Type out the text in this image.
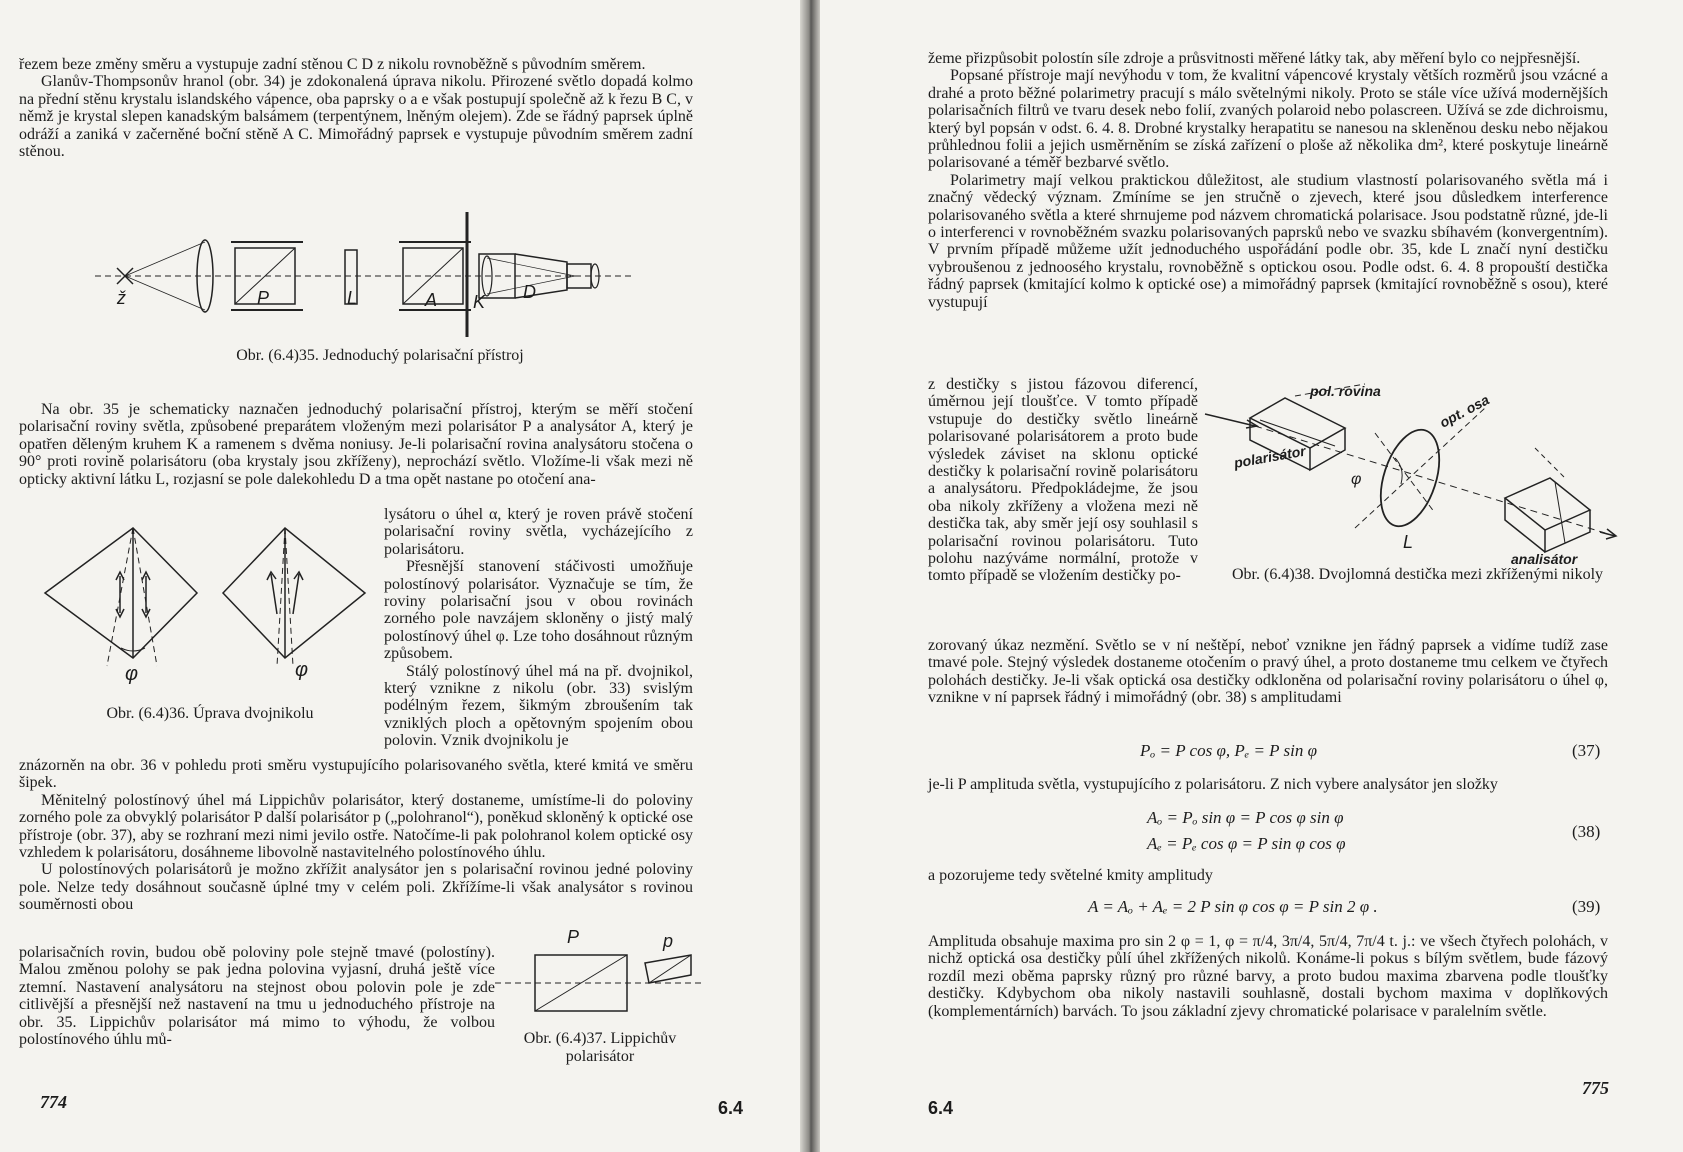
řezem beze změny směru a vystupuje zadní stěnou C D z nikolu rovnoběžně s původním směrem.

Glanův-Thompsonův hranol (obr. 34) je zdokonalená úprava nikolu. Přirozené světlo dopadá kolmo na přední stěnu krystalu islandského vápence, oba paprsky o a e však postupují společně až k řezu B C, v němž je krystal slepen kanadským balsámem (terpentýnem, lněným olejem). Zde se řádný paprsek úplně odráží a zaniká v začerněné boční stěně A C. Mimořádný paprsek e vystupuje původním směrem zadní stěnou.

ž	P	L	A K D
Obr. (6.4)35. Jednoduchý polarisační přístroj
Na obr. 35 je schematicky naznačen jednoduchý polarisační přístroj, kterým se měří stočení polarisační roviny světla, způsobené preparátem vloženým mezi polarisátor P a analysátor A, který je opatřen děleným kruhem K a ramenem s dvěma noniusy. Je-li polarisační rovina analysátoru stočena o 90° proti rovině polarisátoru (oba krystaly jsou zkříženy), neprochází světlo. Vložíme-li však mezi ně opticky aktivní látku L, rozjasní se pole dalekohledu D a tma opět nastane po otočení ana-

lysátoru o úhel α, který je roven právě stočení polarisační roviny světla, vycházejícího z polarisátoru.

Přesnější stanovení stáčivosti umožňuje polostínový polarisátor. Vyznačuje se tím, že roviny polarisační jsou v obou rovinách zorného pole navzájem skloněny o jistý malý polostínový úhel φ. Lze toho dosáhnout různým způsobem.

Stálý polostínový úhel má na př. dvojnikol, který vznikne z nikolu (obr. 33) svislým podélným řezem, šikmým zbroušením tak vzniklých ploch a opětovným spojením obou polovin. Vznik dvojnikolu je

φ	φ
Obr. (6.4)36. Úprava dvojnikolu

znázorněn na obr. 36 v pohledu proti směru vystupujícího polarisovaného světla, které kmitá ve směru šipek.

Měnitelný polostínový úhel má Lippichův polarisátor, který dostaneme, umístíme-li do poloviny zorného pole za obvyklý polarisátor P další polarisátor p („polohranol“), poněkud skloněný k optické ose přístroje (obr. 37), aby se rozhraní mezi nimi jevilo ostře. Natočíme-li pak polohranol kolem optické osy vzhledem k polarisátoru, dosáhneme libovolně nastavitelného polostínového úhlu.

U polostínových polarisátorů je možno zkřížit analysátor jen s polarisační rovinou jedné poloviny pole. Nelze tedy dosáhnout současně úplné tmy v celém poli. Zkřížíme-li však analysátor s rovinou souměrnosti obou

polarisačních rovin, budou obě poloviny pole stejně tmavé (polostíny). Malou změnou polohy se pak jedna polovina vyjasní, druhá ještě více ztemní. Nastavení analysátoru na stejnost obou polovin pole je zde citlivější a přesnější než nastavení na tmu u jednoduchého přístroje na obr. 35. Lippichův polarisátor má mimo to výhodu, že volbou polostínového úhlu mů-
P	p
Obr. (6.4)37. Lippichův polarisátor
774	6.4

žeme přizpůsobit polostín síle zdroje a průsvitnosti měřené látky tak, aby měření bylo co nejpřesnější.

Popsané přístroje mají nevýhodu v tom, že kvalitní vápencové krystaly větších rozměrů jsou vzácné a drahé a proto běžné polarimetry pracují s málo světelnými nikoly. Proto se stále více užívá modernějších polarisačních filtrů ve tvaru desek nebo folií, zvaných polaroid nebo polascreen. Užívá se zde dichroismu, který byl popsán v odst. 6. 4. 8. Drobné krystalky herapatitu se nanesou na skleněnou desku nebo nějakou průhlednou folii a jejich usměrněním se získá zařízení o ploše až několika dm², které poskytuje lineárně polarisované a téměř bezbarvé světlo.

Polarimetry mají velkou praktickou důležitost, ale studium vlastností polarisovaného světla má i značný vědecký význam. Zmíníme se jen stručně o zjevech, které jsou důsledkem interference polarisovaného světla a které shrnujeme pod názvem chromatická polarisace. Jsou podstatně různé, jde-li o interferenci v rovnoběžném svazku polarisovaných paprsků nebo ve svazku sbíhavém (konvergentním). V prvním případě můžeme užít jednoduchého uspořádání podle obr. 35, kde L značí nyní destičku vybroušenou z jednoosého krystalu, rovnoběžně s optickou osou. Podle odst. 6. 4. 8 propouští destička řádný paprsek (kmitající kolmo k optické ose) a mimořádný paprsek (kmitající rovnoběžně s osou), které vystupují

z destičky s jistou fázovou diferencí, úměrnou její tloušťce. V tomto případě vstupuje do destičky světlo lineárně polarisované polarisátorem a proto bude výsledek záviset na sklonu optické destičky k polarisační rovině polarisátoru a analysátoru. Předpokládejme, že jsou oba nikoly zkříženy a vložena mezi ně destička tak, aby směr její osy souhlasil s polarisační rovinou polarisátoru. Tuto polohu nazýváme normální, protože v tomto případě se vložením destičky po-
pol. rovina
opt. osa
polarisátor
φ
L
analisátor
Obr. (6.4)38. Dvojlomná destička mezi zkříženými nikoly
zorovaný úkaz nezmění. Světlo se v ní neštěpí, neboť vznikne jen řádný paprsek a vidíme tudíž zase tmavé pole. Stejný výsledek dostaneme otočením o pravý úhel, a proto dostaneme tmu celkem ve čtyřech polohách destičky. Je-li však optická osa destičky odkloněna od polarisační roviny polarisátoru o úhel φ, vznikne v ní paprsek řádný i mimořádný (obr. 38) s amplitudami
Pₒ = P cos φ, Pₑ = P sin φ	(37)
je-li P amplituda světla, vystupujícího z polarisátoru. Z nich vybere analysátor jen složky
Aₒ = Pₒ sin φ = P cos φ sin φ
Aₑ = Pₑ cos φ = P sin φ cos φ
(38)
a pozorujeme tedy světelné kmity amplitudy
A = Aₒ + Aₑ = 2 P sin φ cos φ = P sin 2 φ .	(39)
Amplituda obsahuje maxima pro sin 2 φ = 1, φ = π/4, 3π/4, 5π/4, 7π/4 t. j.: ve všech čtyřech polohách, v nichž optická osa destičky půlí úhel zkřížených nikolů. Konáme-li pokus s bílým světlem, bude fázový rozdíl mezi oběma paprsky různý pro různé barvy, a proto budou maxima zbarvena podle tloušťky destičky. Kdybychom oba nikoly nastavili souhlasně, dostali bychom maxima v doplňkových (komplementárních) barvách. To jsou základní zjevy chromatické polarisace v paralelním světle.
6.4
775
